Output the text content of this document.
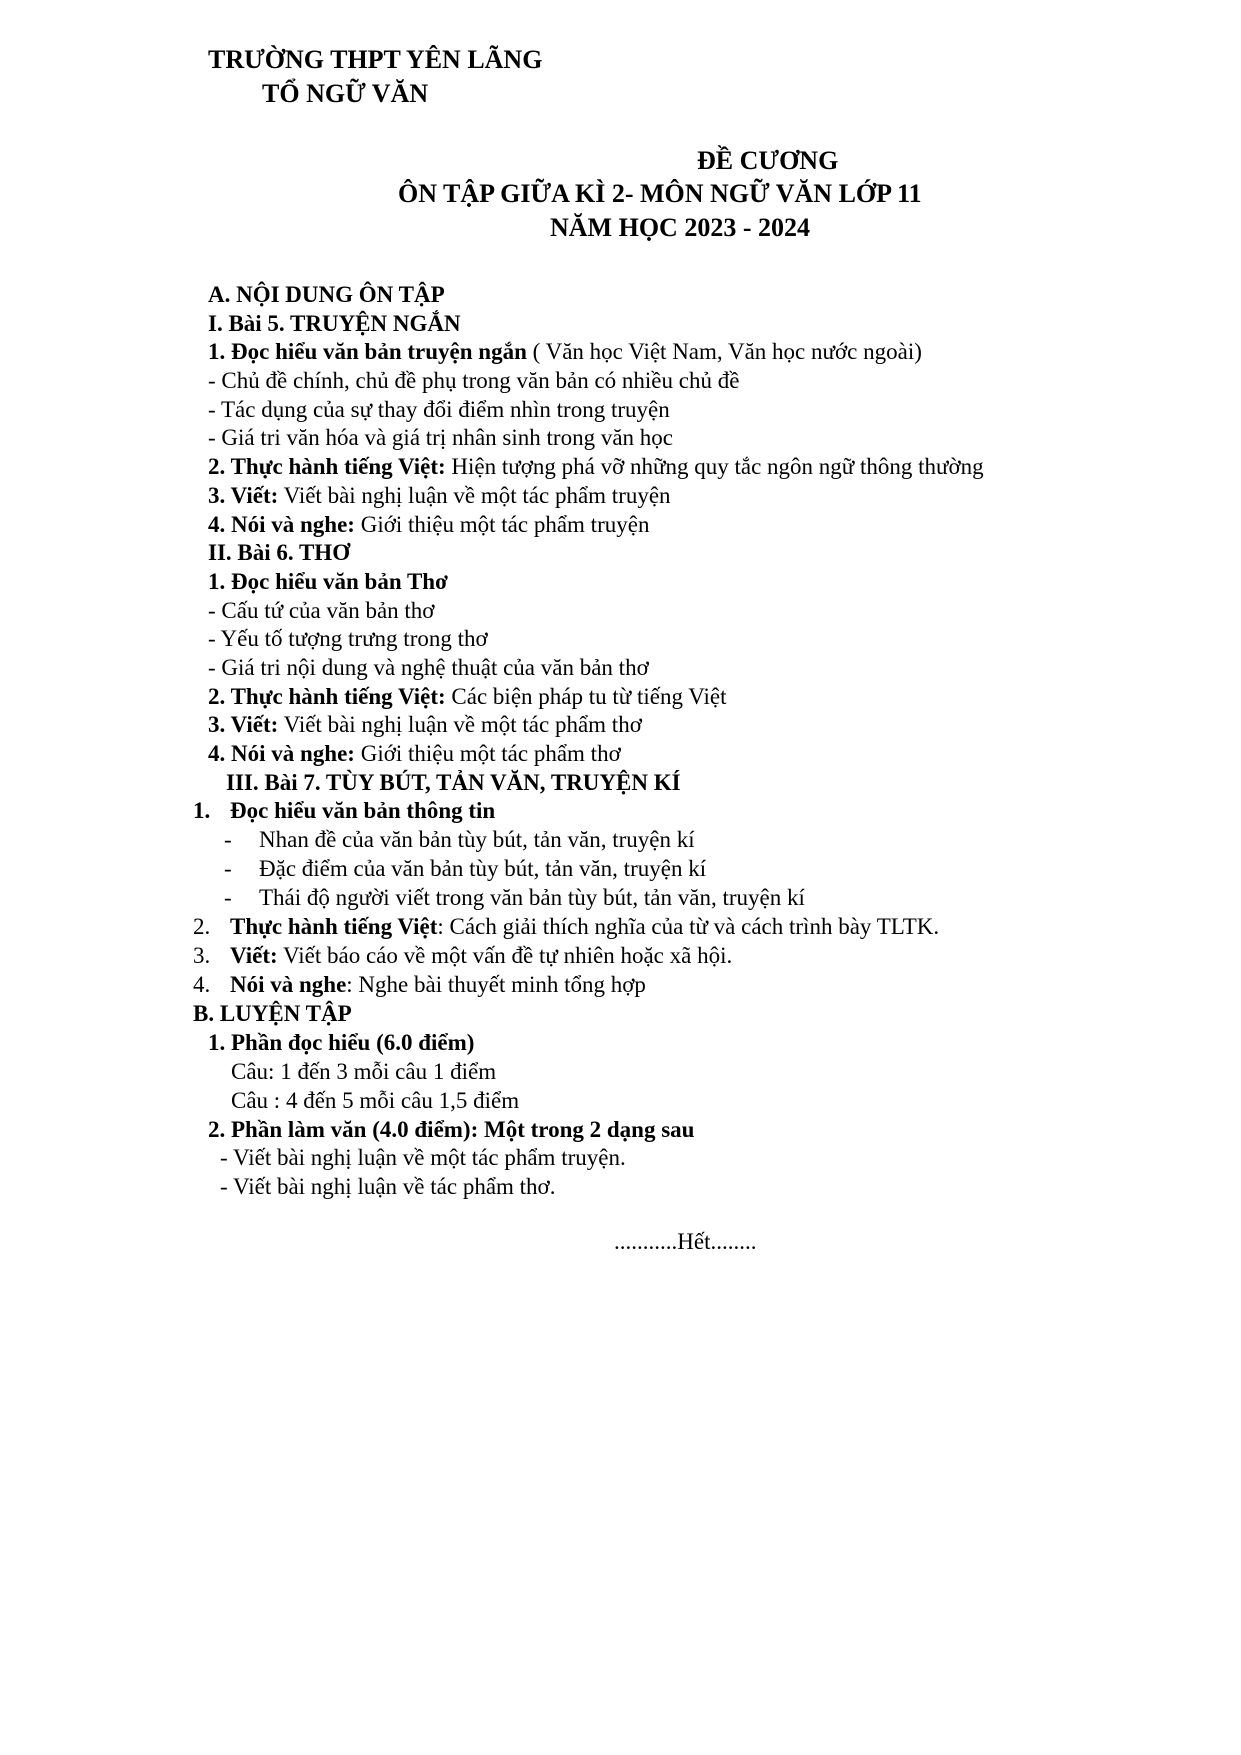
TRƯỜNG THPT YÊN LÃNG
TỔ NGỮ VĂN
ĐỀ CƯƠNG
ÔN TẬP GIỮA KÌ 2- MÔN NGỮ VĂN LỚP 11
NĂM HỌC 2023 - 2024
A. NỘI DUNG ÔN TẬP
I. Bài 5. TRUYỆN NGẮN
1. Đọc hiểu văn bản truyện ngắn ( Văn học Việt Nam, Văn học nước ngoài)
- Chủ đề chính, chủ đề phụ trong văn bản có nhiều chủ đề
- Tác dụng của sự thay đổi điểm nhìn trong truyện
- Giá tri văn hóa và giá trị nhân sinh trong văn học
2. Thực hành tiếng Việt: Hiện tượng phá vỡ những quy tắc ngôn ngữ thông thường
3. Viết: Viết bài nghị luận về một tác phẩm truyện
4. Nói và nghe: Giới thiệu một tác phẩm truyện
II. Bài 6. THƠ
1. Đọc hiểu văn bản Thơ
- Cấu tứ của văn bản thơ
- Yếu tố tượng trưng trong thơ
- Giá tri nội dung và nghệ thuật của văn bản thơ
2. Thực hành tiếng Việt: Các biện pháp tu từ tiếng Việt
3. Viết: Viết bài nghị luận về một tác phẩm thơ
4. Nói và nghe: Giới thiệu một tác phẩm thơ
III. Bài 7. TÙY BÚT, TẢN VĂN, TRUYỆN KÍ
1. Đọc hiểu văn bản thông tin
- Nhan đề của văn bản tùy bút, tản văn, truyện kí
- Đặc điểm của văn bản tùy bút, tản văn, truyện kí
- Thái độ người viết trong văn bản tùy bút, tản văn, truyện kí
2. Thực hành tiếng Việt: Cách giải thích nghĩa của từ và cách trình bày TLTK.
3. Viết: Viết báo cáo về một vấn đề tự nhiên hoặc xã hội.
4. Nói và nghe: Nghe bài thuyết minh tổng hợp
B. LUYỆN TẬP
1. Phần đọc hiểu (6.0 điểm)
Câu: 1 đến 3 mỗi câu 1 điểm
Câu : 4 đến 5 mỗi câu 1,5 điểm
2. Phần làm văn (4.0 điểm): Một trong 2 dạng sau
- Viết bài nghị luận về một tác phẩm truyện.
- Viết bài nghị luận về tác phẩm thơ.
...........Hết........
